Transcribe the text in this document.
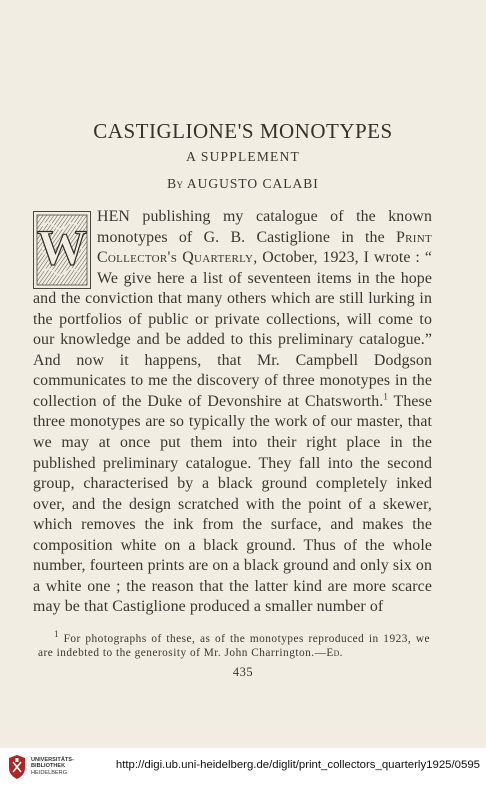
CASTIGLIONE'S MONOTYPES
A SUPPLEMENT
By AUGUSTO CALABI
W

HEN publishing my catalogue of the known monotypes of G. B. Castiglione in the Print Collector's Quarterly, October, 1923, I wrote : “ We give here a list of seventeen items in the hope and the conviction that many others which are still lurking in the portfolios of public or private collections, will come to our knowledge and be added to this preliminary catalogue.” And now it happens, that Mr. Campbell Dodgson communicates to me the discovery of three monotypes in the collection of the Duke of Devonshire at Chatsworth.$^1$ These three monotypes are so typically the work of our master, that we may at once put them into their right place in the published preliminary catalogue. They fall into the second group, characterised by a black ground completely inked over, and the design scratched with the point of a skewer, which removes the ink from the surface, and makes the composition white on a black ground. Thus of the whole number, fourteen prints are on a black ground and only six on a white one ; the reason that the latter kind are more scarce may be that Castiglione produced a smaller number of

$^1$ For photographs of these, as of the monotypes reproduced in 1923, we are indebted to the generosity of Mr. John Charrington.—Ed.

435
UNIVERSITÄTS-
BIBLIOTHEK
HEIDELBERG
http://digi.ub.uni-heidelberg.de/diglit/print_collectors_quarterly1925/0595
